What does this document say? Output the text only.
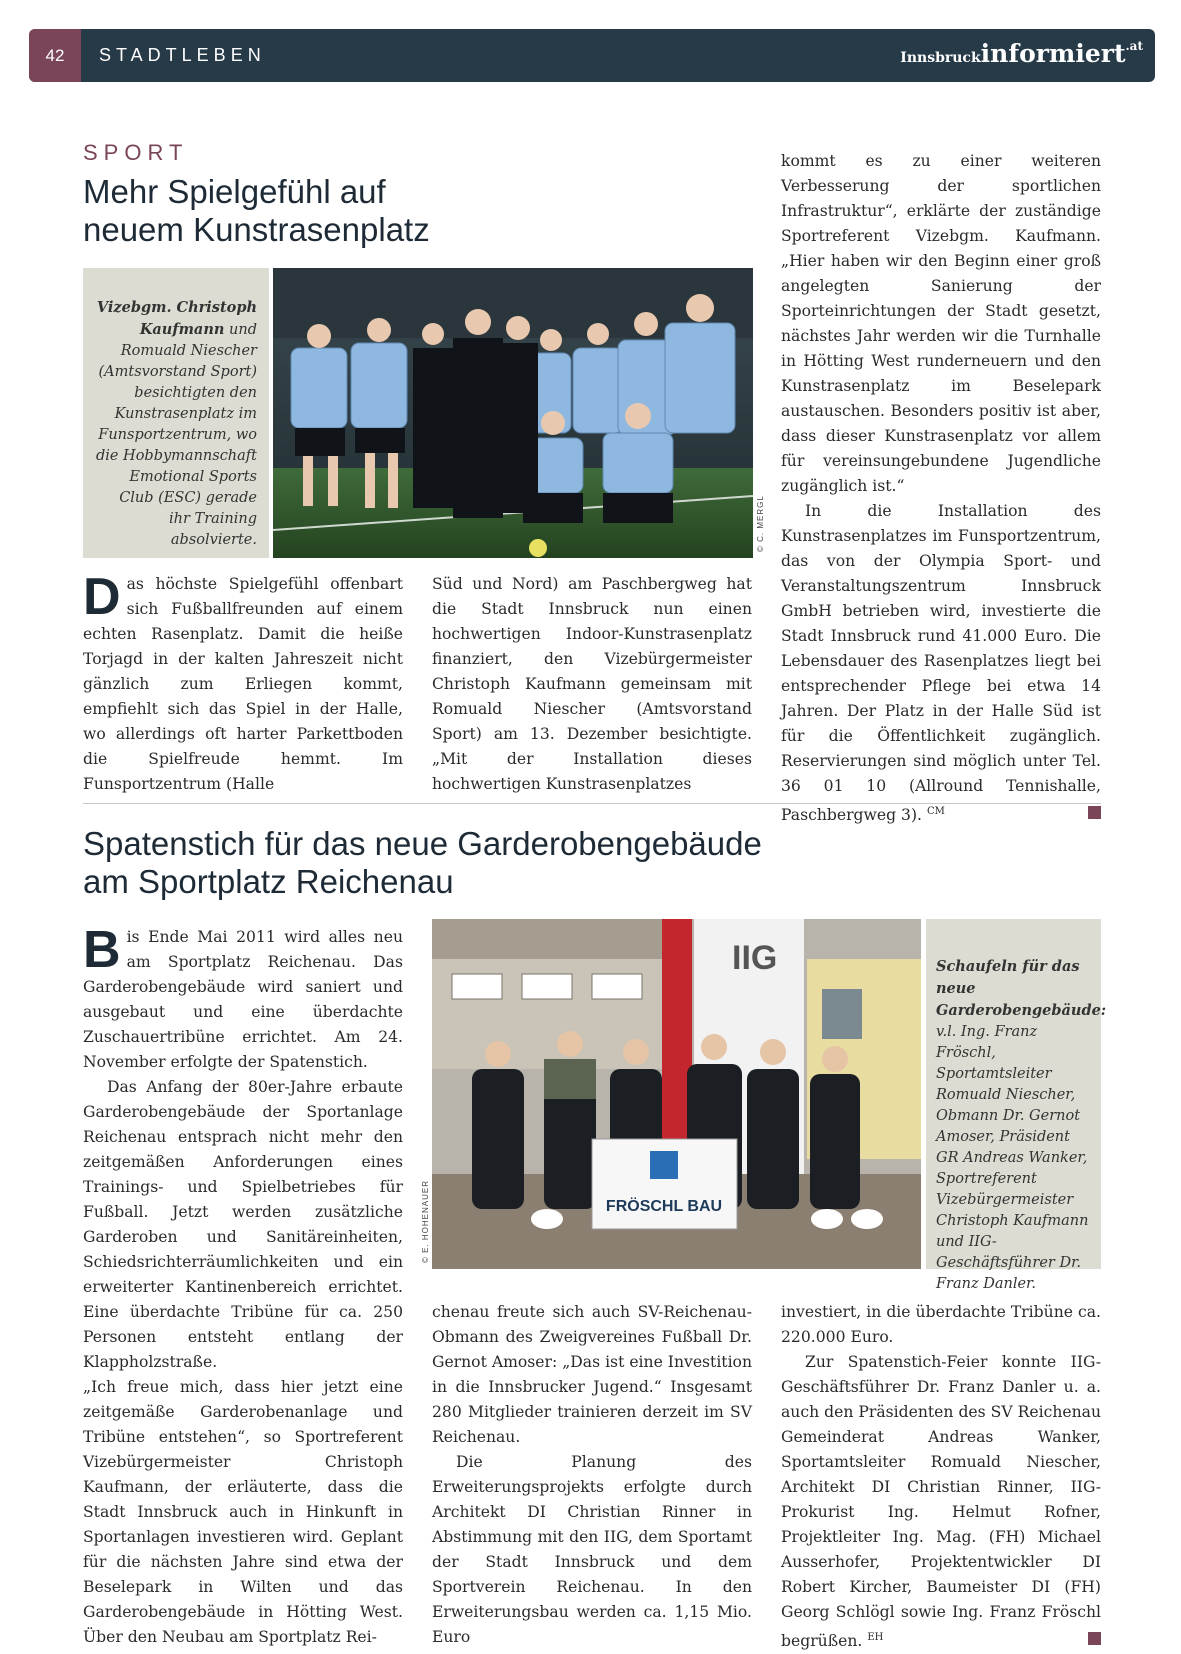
42	STADTLEBEN	Innsbruckinformiert$^{.at}$
SPORT
Mehr Spielgefühl auf
neuem Kunstrasenplatz
Vizebgm. Christoph Kaufmann und Romuald Niescher (Amtsvorstand Sport) besichtigten den Kunstrasenplatz im Funsportzentrum, wo die Hobbymannschaft Emotional Sports Club (ESC) gerade ihr Training absolvierte.	© C. MERGL

Das höchste Spielgefühl offenbart sich Fußballfreunden auf einem echten Rasenplatz. Damit die heiße Torjagd in der kalten Jahreszeit nicht gänzlich zum Erliegen kommt, empfiehlt sich das Spiel in der Halle, wo allerdings oft harter Parkettboden die Spielfreude hemmt. Im Funsportzentrum (Halle

Süd und Nord) am Paschbergweg hat die Stadt Innsbruck nun einen hochwertigen Indoor-Kunstrasenplatz finanziert, den Vizebürgermeister Christoph Kaufmann gemeinsam mit Romuald Niescher (Amtsvorstand Sport) am 13. Dezember besichtigte. „Mit der Installation dieses hochwertigen Kunstrasenplatzes

kommt es zu einer weiteren Verbesserung der sportlichen Infrastruktur“, erklärte der zuständige Sportreferent Vizebgm. Kaufmann. „Hier haben wir den Beginn einer groß angelegten Sanierung der Sporteinrichtungen der Stadt gesetzt, nächstes Jahr werden wir die Turnhalle in Hötting West runderneuern und den Kunstrasenplatz im Beselepark austauschen. Besonders positiv ist aber, dass dieser Kunstrasenplatz vor allem für vereinsungebundene Jugendliche zugänglich ist.“

In die Installation des Kunstrasenplatzes im Funsportzentrum, das von der Olympia Sport- und Veranstaltungszentrum Innsbruck GmbH betrieben wird, investierte die Stadt Innsbruck rund 41.000 Euro. Die Lebensdauer des Rasenplatzes liegt bei entsprechender Pflege bei etwa 14 Jahren. Der Platz in der Halle Süd ist für die Öffentlichkeit zugänglich. Reservierungen sind möglich unter Tel. 36 01 10 (Allround Tennishalle, Paschbergweg 3). $^{CM}$

Spatenstich für das neue Garderobengebäude
am Sportplatz Reichenau

Bis Ende Mai 2011 wird alles neu am Sportplatz Reichenau. Das Garderobengebäude wird saniert und ausgebaut und eine überdachte Zuschauertribüne errichtet. Am 24. November erfolgte der Spatenstich.

Das Anfang der 80er-Jahre erbaute Garderobengebäude der Sportanlage Reichenau entsprach nicht mehr den zeitgemäßen Anforderungen eines Trainings- und Spielbetriebes für Fußball. Jetzt werden zusätzliche Garderoben und Sanitäreinheiten, Schiedsrichterräumlichkeiten und ein erweiterter Kantinenbereich errichtet. Eine überdachte Tribüne für ca. 250 Personen entsteht entlang der Klappholzstraße.

„Ich freue mich, dass hier jetzt eine zeitgemäße Garderobenanlage und Tribüne entstehen“, so Sportreferent Vizebürgermeister Christoph Kaufmann, der erläuterte, dass die Stadt Innsbruck auch in Hinkunft in Sportanlagen investieren wird. Geplant für die nächsten Jahre sind etwa der Beselepark in Wilten und das Garderobengebäude in Hötting West. Über den Neubau am Sportplatz Rei-

IIG
FRÖSCHL BAU
© E. HOHENAUER
Schaufeln für das neue Garderobengebäude: v.l. Ing. Franz Fröschl, Sportamtsleiter Romuald Niescher, Obmann Dr. Gernot Amoser, Präsident GR Andreas Wanker, Sportreferent Vizebürgermeister Christoph Kaufmann und IIG-Geschäftsführer Dr. Franz Danler.

chenau freute sich auch SV-Reichenau-Obmann des Zweigvereines Fußball Dr. Gernot Amoser: „Das ist eine Investition in die Innsbrucker Jugend.“ Insgesamt 280 Mitglieder trainieren derzeit im SV Reichenau.

Die Planung des Erweiterungsprojekts erfolgte durch Architekt DI Christian Rinner in Abstimmung mit den IIG, dem Sportamt der Stadt Innsbruck und dem Sportverein Reichenau. In den Erweiterungsbau werden ca. 1,15 Mio. Euro

investiert, in die überdachte Tribüne ca. 220.000 Euro.

Zur Spatenstich-Feier konnte IIG-Geschäftsführer Dr. Franz Danler u. a. auch den Präsidenten des SV Reichenau Gemeinderat Andreas Wanker, Sportamtsleiter Romuald Niescher, Architekt DI Christian Rinner, IIG-Prokurist Ing. Helmut Rofner, Projektleiter Ing. Mag. (FH) Michael Ausserhofer, Projektentwickler DI Robert Kircher, Baumeister DI (FH) Georg Schlögl sowie Ing. Franz Fröschl begrüßen. $^{EH}$
